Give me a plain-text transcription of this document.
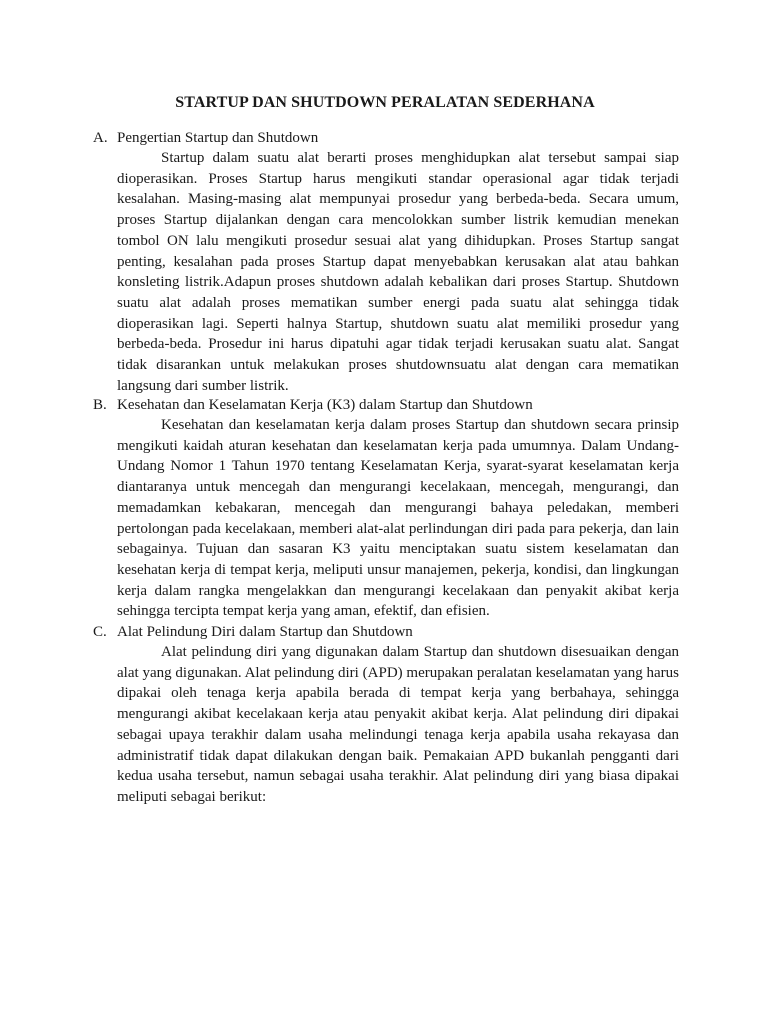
STARTUP DAN SHUTDOWN PERALATAN SEDERHANA
A. Pengertian Startup dan Shutdown

Startup dalam suatu alat berarti proses menghidupkan alat tersebut sampai siap dioperasikan. Proses Startup harus mengikuti standar operasional agar tidak terjadi kesalahan. Masing-masing alat mempunyai prosedur yang berbeda-beda. Secara umum, proses Startup dijalankan dengan cara mencolokkan sumber listrik kemudian menekan tombol ON lalu mengikuti prosedur sesuai alat yang dihidupkan. Proses Startup sangat penting, kesalahan pada proses Startup dapat menyebabkan kerusakan alat atau bahkan konsleting listrik.Adapun proses shutdown adalah kebalikan dari proses Startup. Shutdown suatu alat adalah proses mematikan sumber energi pada suatu alat sehingga tidak dioperasikan lagi. Seperti halnya Startup, shutdown suatu alat memiliki prosedur yang berbeda-beda. Prosedur ini harus dipatuhi agar tidak terjadi kerusakan suatu alat. Sangat tidak disarankan untuk melakukan proses shutdownsuatu alat dengan cara mematikan langsung dari sumber listrik.

B. Kesehatan dan Keselamatan Kerja (K3) dalam Startup dan Shutdown

Kesehatan dan keselamatan kerja dalam proses Startup dan shutdown secara prinsip mengikuti kaidah aturan kesehatan dan keselamatan kerja pada umumnya. Dalam Undang-Undang Nomor 1 Tahun 1970 tentang Keselamatan Kerja, syarat-syarat keselamatan kerja diantaranya untuk mencegah dan mengurangi kecelakaan, mencegah, mengurangi, dan memadamkan kebakaran, mencegah dan mengurangi bahaya peledakan, memberi pertolongan pada kecelakaan, memberi alat-alat perlindungan diri pada para pekerja, dan lain sebagainya. Tujuan dan sasaran K3 yaitu menciptakan suatu sistem keselamatan dan kesehatan kerja di tempat kerja, meliputi unsur manajemen, pekerja, kondisi, dan lingkungan kerja dalam rangka mengelakkan dan mengurangi kecelakaan dan penyakit akibat kerja sehingga tercipta tempat kerja yang aman, efektif, dan efisien.

C. Alat Pelindung Diri dalam Startup dan Shutdown

Alat pelindung diri yang digunakan dalam Startup dan shutdown disesuaikan dengan alat yang digunakan. Alat pelindung diri (APD) merupakan peralatan keselamatan yang harus dipakai oleh tenaga kerja apabila berada di tempat kerja yang berbahaya, sehingga mengurangi akibat kecelakaan kerja atau penyakit akibat kerja. Alat pelindung diri dipakai sebagai upaya terakhir dalam usaha melindungi tenaga kerja apabila usaha rekayasa dan administratif tidak dapat dilakukan dengan baik. Pemakaian APD bukanlah pengganti dari kedua usaha tersebut, namun sebagai usaha terakhir. Alat pelindung diri yang biasa dipakai meliputi sebagai berikut:
